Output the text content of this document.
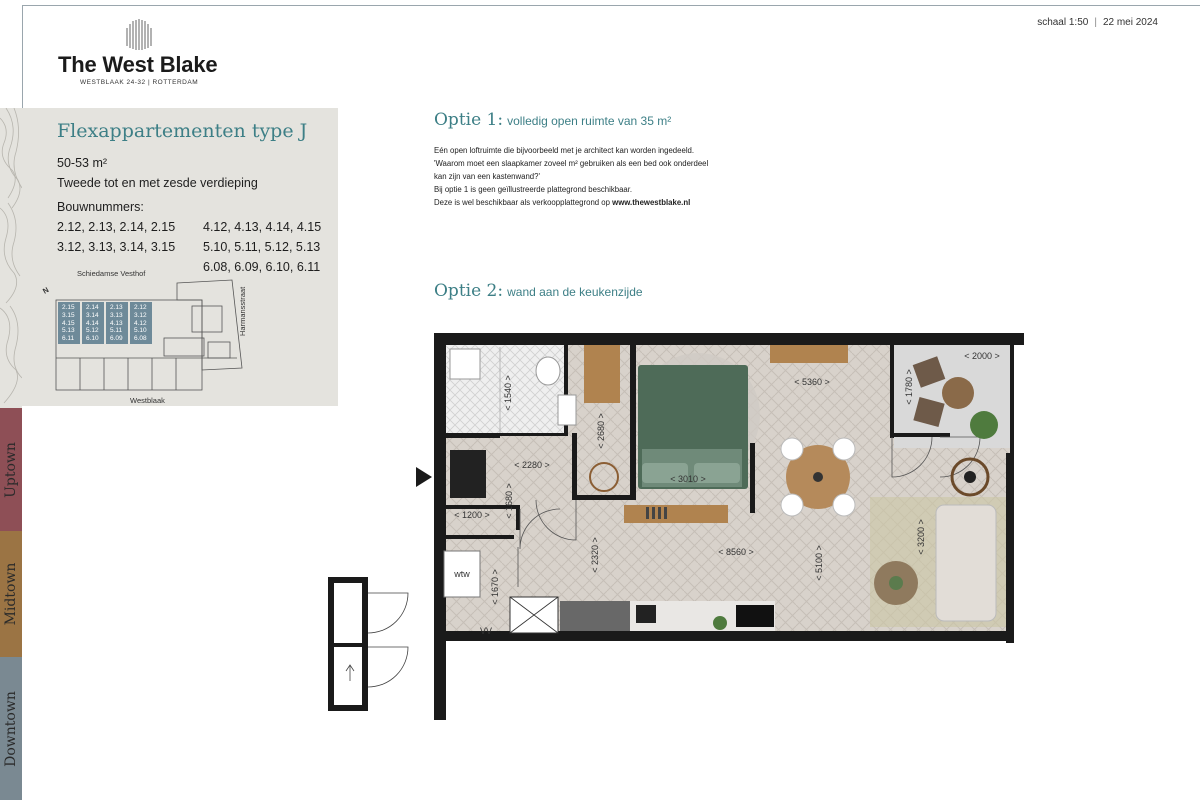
The West Blake
WESTBLAAK 24-32 | ROTTERDAM
schaal 1:50 | 22 mei 2024
Flexappartementen type J
50-53 m²
Tweede tot en met zesde verdieping
Bouwnummers:
2.12, 2.13, 2.14, 2.15 4.12, 4.13, 4.14, 4.15
3.12, 3.13, 3.14, 3.15 5.10, 5.11, 5.12, 5.13
6.08, 6.09, 6.10, 6.11
Schiedamse Vesthof
Westblaak
Harmansstraat
N
2.15
3.15
4.15
5.13
6.11
2.14
3.14
4.14
5.12
6.10
2.13
3.13
4.13
5.11
6.09
2.12
3.12
4.12
5.10
6.08
Uptown
Midtown
Downtown
Optie 1: volledig open ruimte van 35 m²
Eén open loftruimte die bijvoorbeeld met je architect kan worden ingedeeld.
'Waarom moet een slaapkamer zoveel m² gebruiken als een bed ook onderdeel
kan zijn van een kastenwand?'
Bij optie 1 is geen geïllustreerde plattegrond beschikbaar.
Deze is wel beschikbaar als verkoopplattegrond op www.thewestblake.nl
Optie 2: wand aan de keukenzijde
wtw
VV
< 2000 >
< 5360 >	< 1780 >
< 1540 >
< 2680 >
< 2280 >
< 3010 >
< 1680 >
< 1200 >
< 3200 >
< 2320 >	< 8560 >	< 5100 >
< 1670 >
